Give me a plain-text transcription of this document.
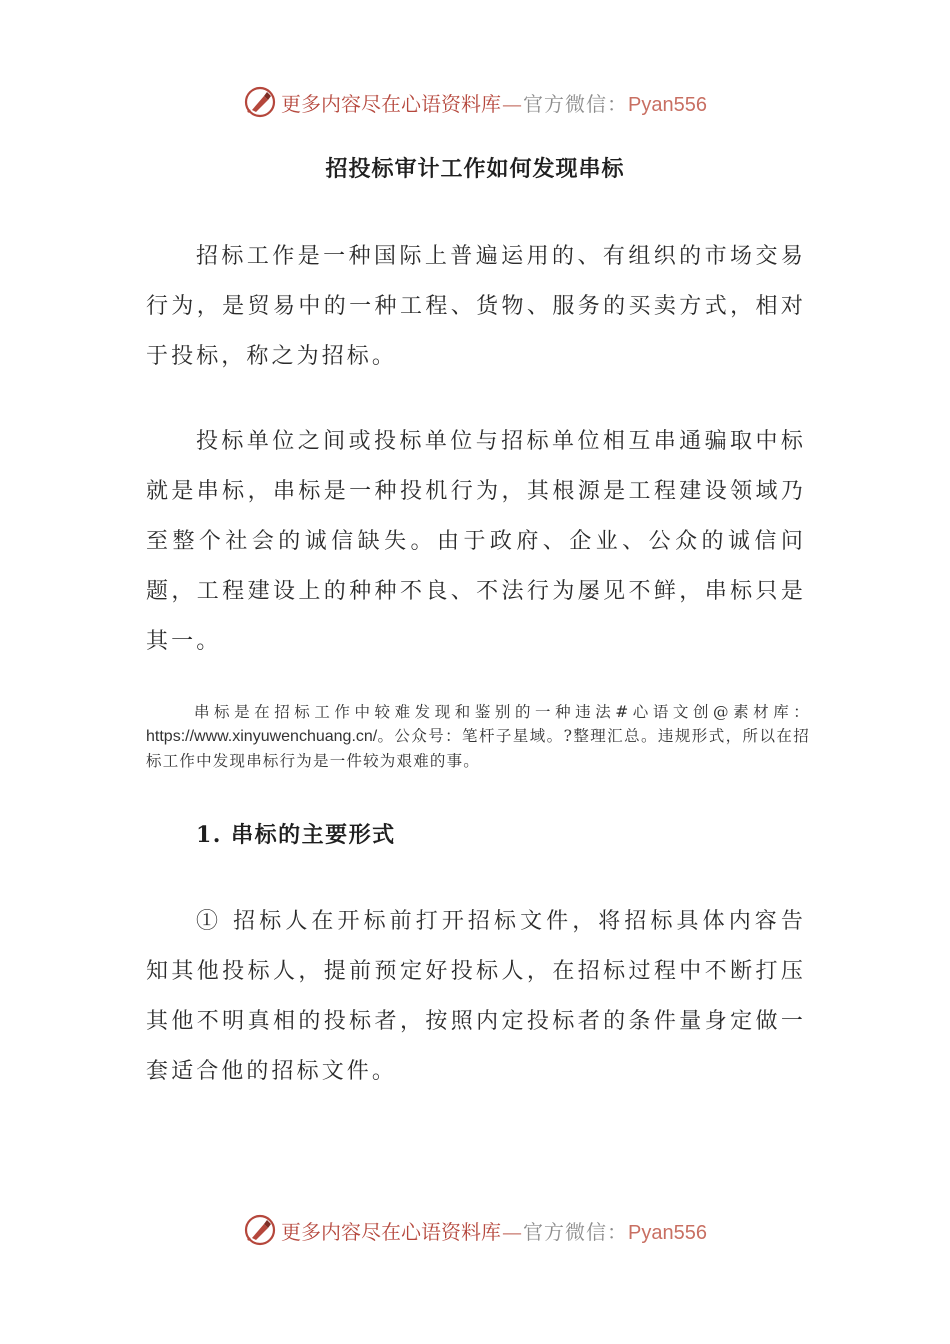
更多内容尽在心语资料库 — 官方微信： Pyan556
招投标审计工作如何发现串标

招标工作是一种国际上普遍运用的、有组织的市场交易行为，是贸易中的一种工程、货物、服务的买卖方式，相对于投标，称之为招标。

投标单位之间或投标单位与招标单位相互串通骗取中标就是串标，串标是一种投机行为，其根源是工程建设领域乃至整个社会的诚信缺失。由于政府、企业、公众的诚信问题，工程建设上的种种不良、不法行为屡见不鲜，串标只是其一。

串标是在招标工作中较难发现和鉴别的一种违法#心语文创@素材库：https://www.xinyuwenchuang.cn/。公众号：笔杆子星域。?整理汇总。违规形式，所以在招标工作中发现串标行为是一件较为艰难的事。

1. 串标的主要形式

① 招标人在开标前打开招标文件，将招标具体内容告知其他投标人，提前预定好投标人，在招标过程中不断打压其他不明真相的投标者，按照内定投标者的条件量身定做一套适合他的招标文件。

更多内容尽在心语资料库 — 官方微信： Pyan556
